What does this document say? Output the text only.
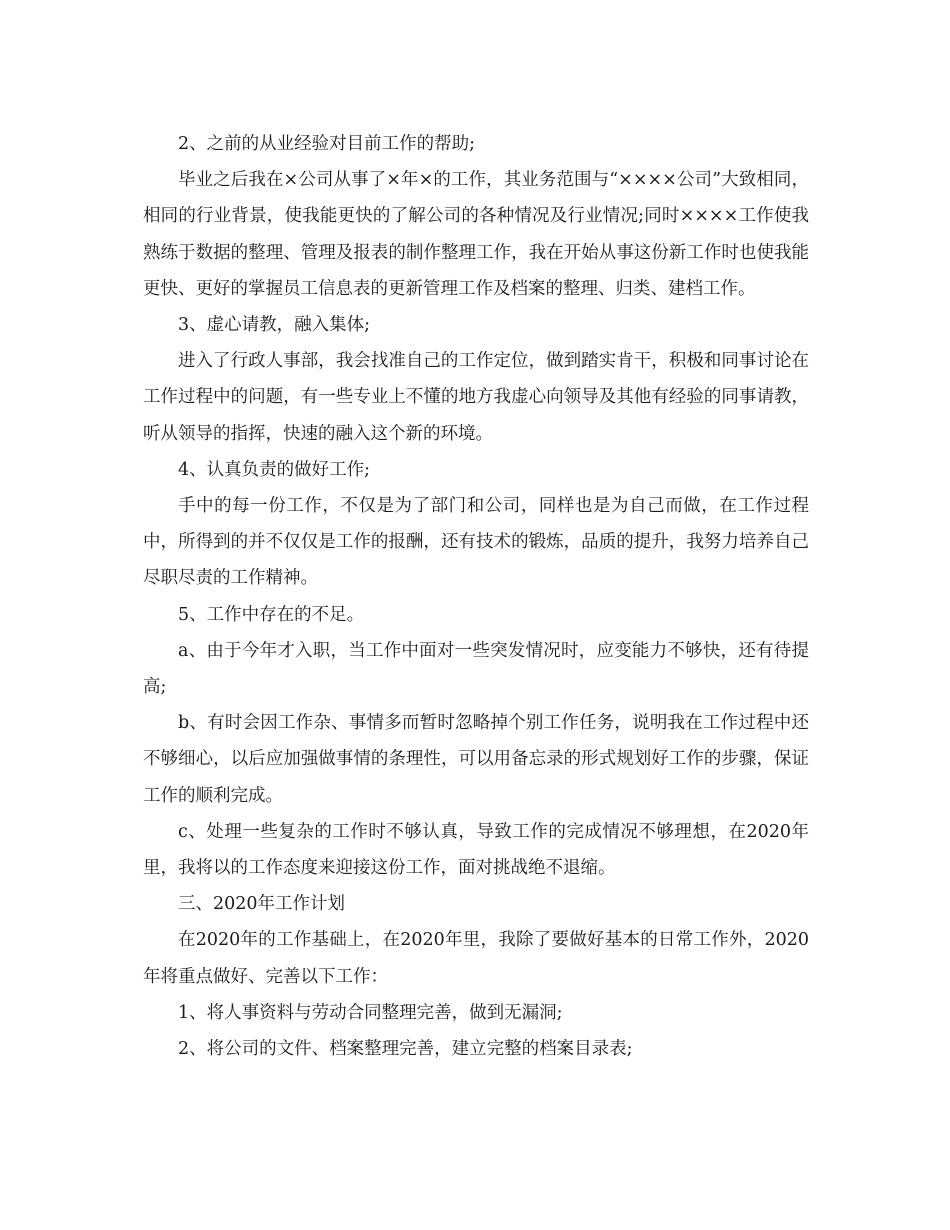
2、之前的从业经验对目前工作的帮助;

毕业之后我在×公司从事了×年×的工作，其业务范围与“××××公司”大致相同，相同的行业背景，使我能更快的了解公司的各种情况及行业情况;同时××××工作使我熟练于数据的整理、管理及报表的制作整理工作，我在开始从事这份新工作时也使我能更快、更好的掌握员工信息表的更新管理工作及档案的整理、归类、建档工作。

3、虚心请教，融入集体;

进入了行政人事部，我会找准自己的工作定位，做到踏实肯干，积极和同事讨论在工作过程中的问题，有一些专业上不懂的地方我虚心向领导及其他有经验的同事请教，听从领导的指挥，快速的融入这个新的环境。

4、认真负责的做好工作;

手中的每一份工作，不仅是为了部门和公司，同样也是为自己而做，在工作过程中，所得到的并不仅仅是工作的报酬，还有技术的锻炼，品质的提升，我努力培养自己尽职尽责的工作精神。

5、工作中存在的不足。

a、由于今年才入职，当工作中面对一些突发情况时，应变能力不够快，还有待提高;

b、有时会因工作杂、事情多而暂时忽略掉个别工作任务，说明我在工作过程中还不够细心，以后应加强做事情的条理性，可以用备忘录的形式规划好工作的步骤，保证工作的顺利完成。

c、处理一些复杂的工作时不够认真，导致工作的完成情况不够理想，在2020年里，我将以的工作态度来迎接这份工作，面对挑战绝不退缩。

三、2020年工作计划

在2020年的工作基础上，在2020年里，我除了要做好基本的日常工作外，2020年将重点做好、完善以下工作：

1、将人事资料与劳动合同整理完善，做到无漏洞;

2、将公司的文件、档案整理完善，建立完整的档案目录表;
